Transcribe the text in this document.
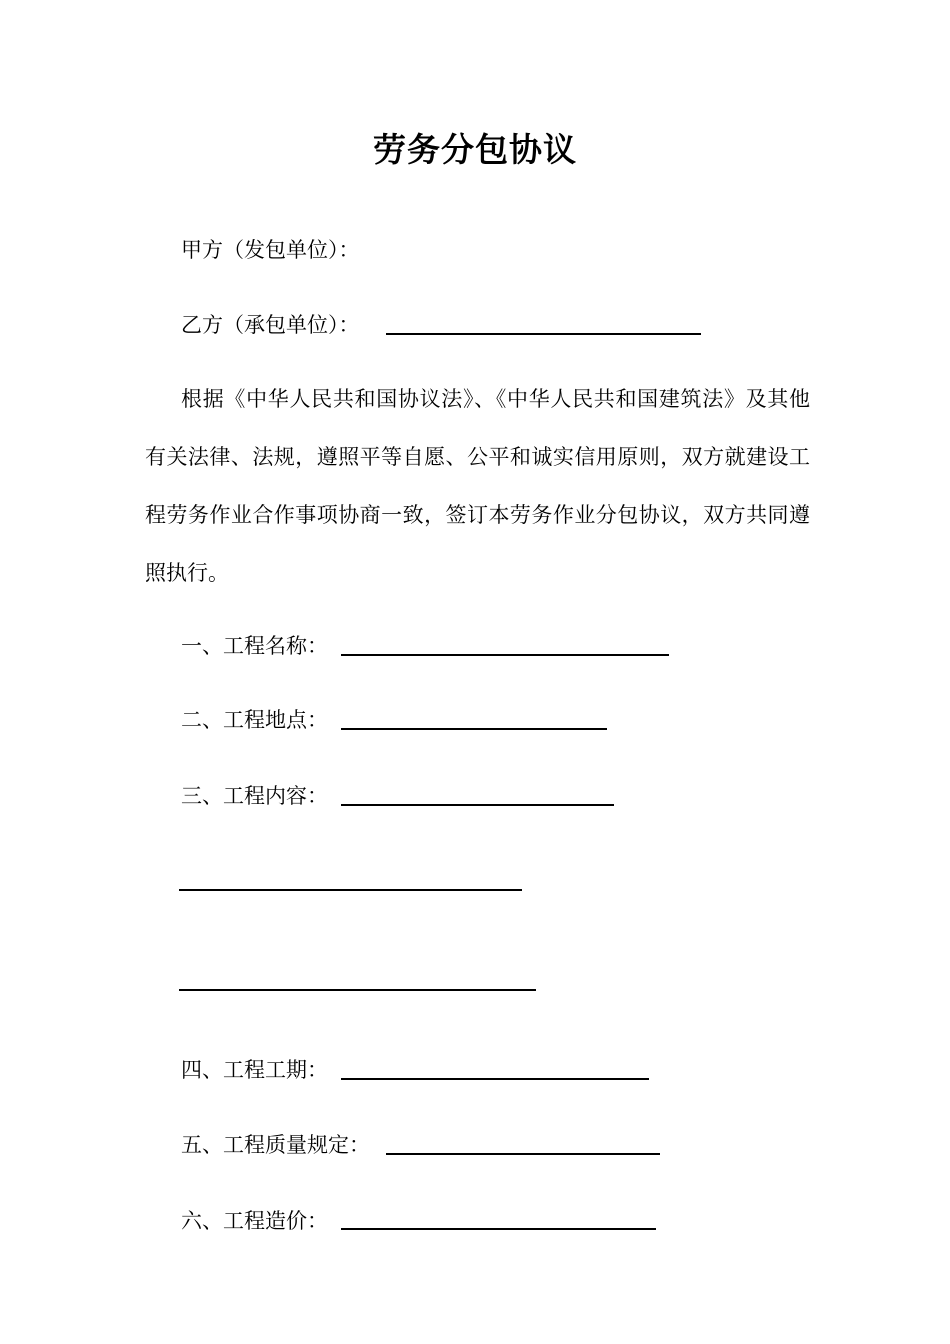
劳务分包协议
甲方（发包单位）：
乙方（承包单位）：
根据《中华人民共和国协议法》、《中华人民共和国建筑法》及其他有关法律、法规，遵照平等自愿、公平和诚实信用原则，双方就建设工程劳务作业合作事项协商一致，签订本劳务作业分包协议，双方共同遵照执行。
一、工程名称：
二、工程地点：
三、工程内容：
四、工程工期：
五、工程质量规定：
六、工程造价：
